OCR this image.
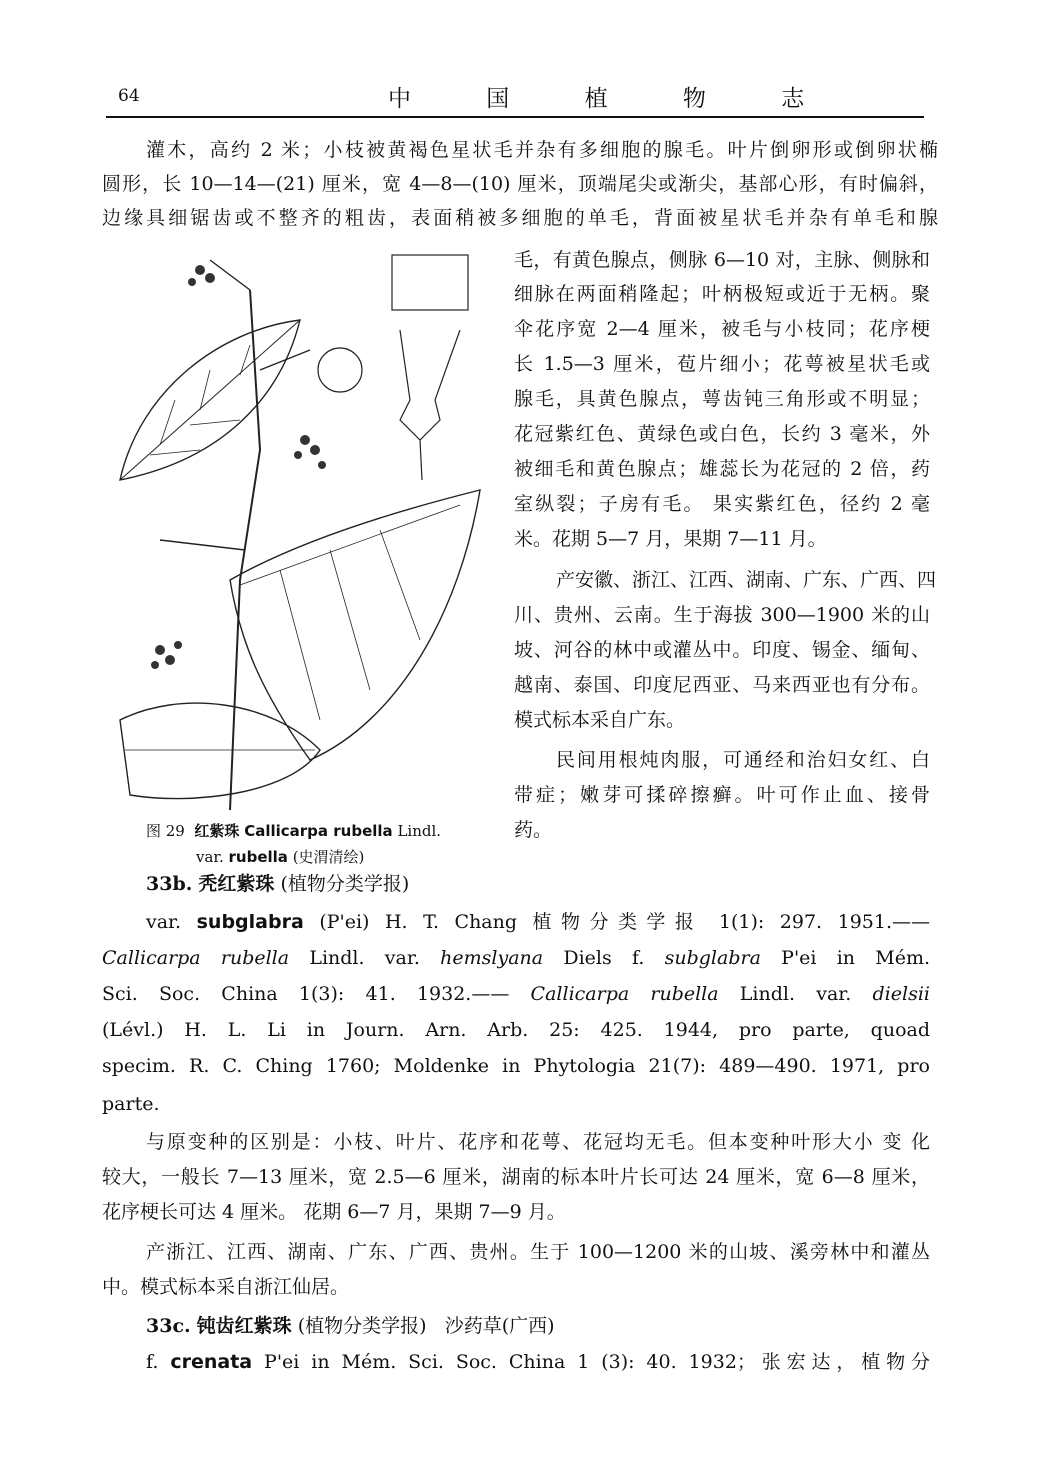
64	中 国 植 物 志
灌木，高约 2 米；小枝被黄褐色星状毛并杂有多细胞的腺毛。叶片倒卵形或倒卵状椭
圆形，长 10—14—(21) 厘米，宽 4—8—(10) 厘米，顶端尾尖或渐尖，基部心形，有时偏斜，
边缘具细锯齿或不整齐的粗齿，表面稍被多细胞的单毛，背面被星状毛并杂有单毛和腺
图 29 红紫珠 Callicarpa rubella Lindl.
var. rubella (史渭清绘)
毛，有黄色腺点，侧脉 6—10 对，主脉、侧脉和
细脉在两面稍隆起；叶柄极短或近于无柄。聚
伞花序宽 2—4 厘米，被毛与小枝同；花序梗
长 1.5—3 厘米，苞片细小；花萼被星状毛或
腺毛，具黄色腺点，萼齿钝三角形或不明显；
花冠紫红色、黄绿色或白色，长约 3 毫米，外
被细毛和黄色腺点；雄蕊长为花冠的 2 倍，药
室纵裂；子房有毛。 果实紫红色，径约 2 毫
米。花期 5—7 月，果期 7—11 月。
产安徽、浙江、江西、湖南、广东、广西、四
川、贵州、云南。生于海拔 300—1900 米的山
坡、河谷的林中或灌丛中。印度、锡金、缅甸、
越南、泰国、印度尼西亚、马来西亚也有分布。
模式标本采自广东。
民间用根炖肉服，可通经和治妇女红、白
带症；嫩芽可揉碎擦癣。叶可作止血、接骨
药。
33b. 秃红紫珠 (植物分类学报)
var. subglabra (P'ei) H. T. Chang 植物分类学报 1(1): 297. 1951.——
Callicarpa rubella Lindl. var. hemslyana Diels f. subglabra P'ei in Mém.
Sci. Soc. China 1(3): 41. 1932.—— Callicarpa rubella Lindl. var. dielsii
(Lévl.) H. L. Li in Journ. Arn. Arb. 25: 425. 1944, pro parte, quoad
specim. R. C. Ching 1760; Moldenke in Phytologia 21(7): 489—490. 1971, pro
parte.
与原变种的区别是：小枝、叶片、花序和花萼、花冠均无毛。但本变种叶形大小 变 化
较大，一般长 7—13 厘米，宽 2.5—6 厘米，湖南的标本叶片长可达 24 厘米，宽 6—8 厘米，
花序梗长可达 4 厘米。 花期 6—7 月，果期 7—9 月。
产浙江、江西、湖南、广东、广西、贵州。生于 100—1200 米的山坡、溪旁林中和灌丛
中。模式标本采自浙江仙居。
33c. 钝齿红紫珠 (植物分类学报) 沙药草(广西)
f. crenata P'ei in Mém. Sci. Soc. China 1 (3): 40. 1932；张宏达，植物分
